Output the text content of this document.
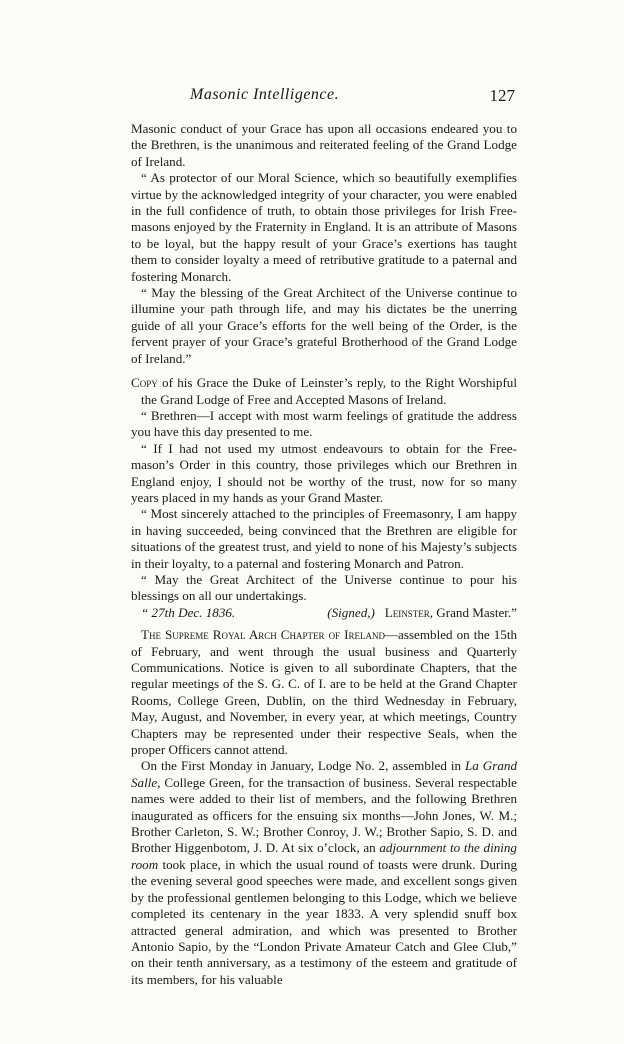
Masonic Intelligence.	127

Masonic conduct of your Grace has upon all occasions endeared you to the Brethren, is the unanimous and reiterated feeling of the Grand Lodge of Ireland.

“ As protector of our Moral Science, which so beautifully exemplifies virtue by the acknowledged integrity of your character, you were enabled in the full confidence of truth, to obtain those privileges for Irish Free-masons enjoyed by the Fraternity in England. It is an attribute of Masons to be loyal, but the happy result of your Grace’s exertions has taught them to consider loyalty a meed of retributive gratitude to a paternal and fostering Monarch.

“ May the blessing of the Great Architect of the Universe continue to illumine your path through life, and may his dictates be the unerring guide of all your Grace’s efforts for the well being of the Order, is the fervent prayer of your Grace’s grateful Brotherhood of the Grand Lodge of Ireland.”

Copy of his Grace the Duke of Leinster’s reply, to the Right Worshipful the Grand Lodge of Free and Accepted Masons of Ireland.

“ Brethren—I accept with most warm feelings of gratitude the address you have this day presented to me.

“ If I had not used my utmost endeavours to obtain for the Free-mason’s Order in this country, those privileges which our Brethren in England enjoy, I should not be worthy of the trust, now for so many years placed in my hands as your Grand Master.

“ Most sincerely attached to the principles of Freemasonry, I am happy in having succeeded, being convinced that the Brethren are eligible for situations of the greatest trust, and yield to none of his Majesty’s subjects in their loyalty, to a paternal and fostering Monarch and Patron.

“ May the Great Architect of the Universe continue to pour his blessings on all our undertakings.

“ 27th Dec. 1836.	(Signed,) Leinster, Grand Master.”

The Supreme Royal Arch Chapter of Ireland—assembled on the 15th of February, and went through the usual business and Quarterly Communications. Notice is given to all subordinate Chapters, that the regular meetings of the S. G. C. of I. are to be held at the Grand Chapter Rooms, College Green, Dublin, on the third Wednesday in February, May, August, and November, in every year, at which meetings, Country Chapters may be represented under their respective Seals, when the proper Officers cannot attend.

On the First Monday in January, Lodge No. 2, assembled in La Grand Salle, College Green, for the transaction of business. Several respectable names were added to their list of members, and the following Brethren inaugurated as officers for the ensuing six months—John Jones, W. M.; Brother Carleton, S. W.; Brother Conroy, J. W.; Brother Sapio, S. D. and Brother Higgenbotom, J. D. At six o’clock, an adjournment to the dining room took place, in which the usual round of toasts were drunk. During the evening several good speeches were made, and excellent songs given by the professional gentlemen belonging to this Lodge, which we believe completed its centenary in the year 1833. A very splendid snuff box attracted general admiration, and which was presented to Brother Antonio Sapio, by the “London Private Amateur Catch and Glee Club,” on their tenth anniversary, as a testimony of the esteem and gratitude of its members, for his valuable
